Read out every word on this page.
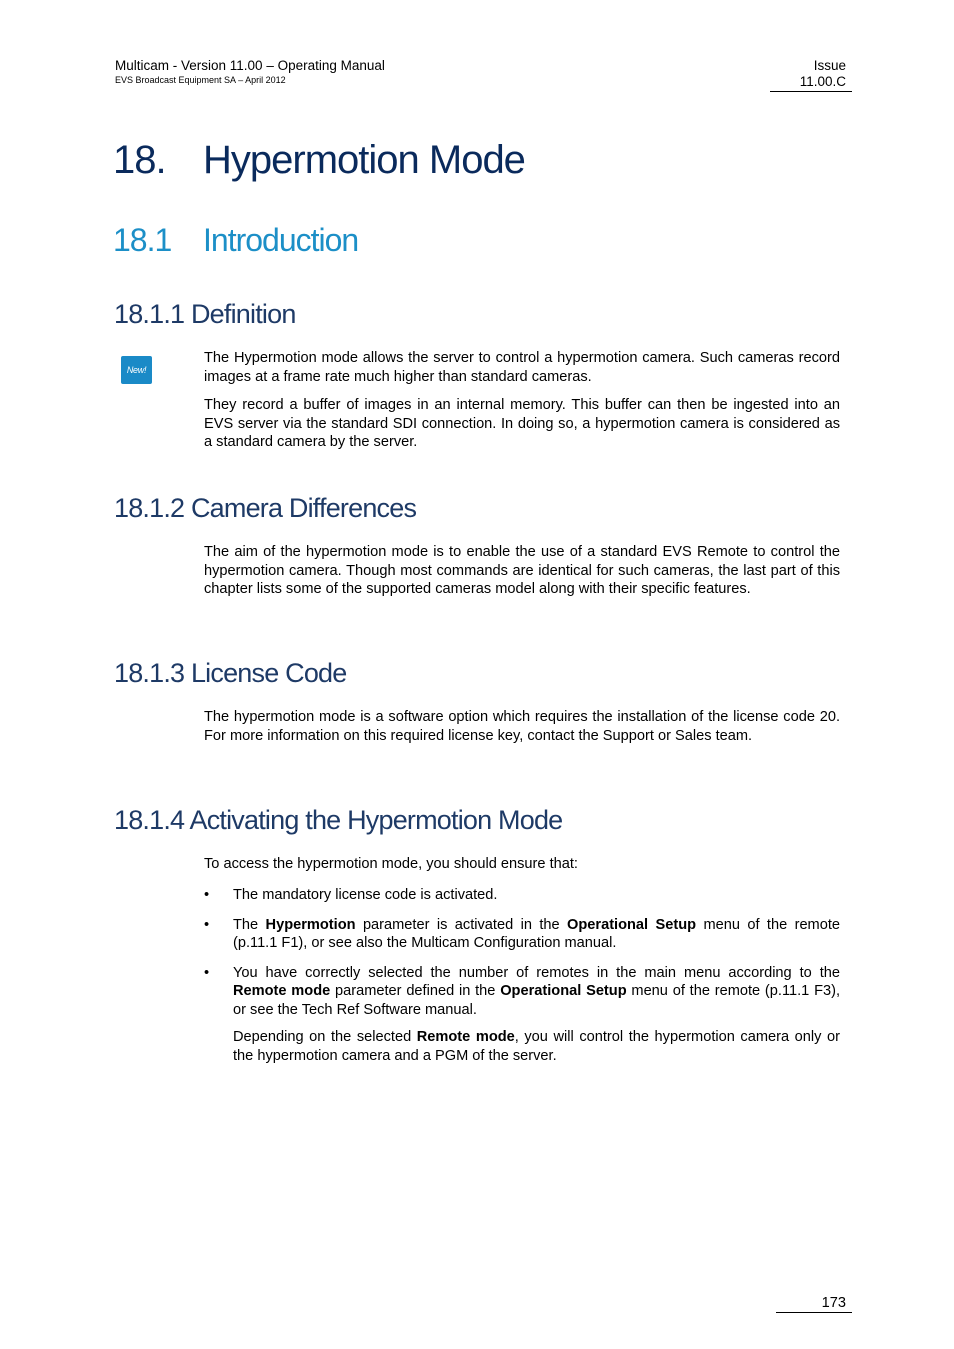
Multicam - Version 11.00 – Operating Manual
EVS Broadcast Equipment SA – April 2012
Issue
11.00.C
18. Hypermotion Mode
18.1 Introduction
18.1.1 Definition
New!
The Hypermotion mode allows the server to control a hypermotion camera. Such cameras record images at a frame rate much higher than standard cameras.
They record a buffer of images in an internal memory. This buffer can then be ingested into an EVS server via the standard SDI connection. In doing so, a hypermotion camera is considered as a standard camera by the server.
18.1.2 Camera Differences
The aim of the hypermotion mode is to enable the use of a standard EVS Remote to control the hypermotion camera. Though most commands are identical for such cameras, the last part of this chapter lists some of the supported cameras model along with their specific features.
18.1.3 License Code
The hypermotion mode is a software option which requires the installation of the license code 20. For more information on this required license key, contact the Support or Sales team.
18.1.4 Activating the Hypermotion Mode
To access the hypermotion mode, you should ensure that:
• The mandatory license code is activated.
• The Hypermotion parameter is activated in the Operational Setup menu of the remote (p.11.1 F1), or see also the Multicam Configuration manual.
• You have correctly selected the number of remotes in the main menu according to the Remote mode parameter defined in the Operational Setup menu of the remote (p.11.1 F3), or see the Tech Ref Software manual.
Depending on the selected Remote mode, you will control the hypermotion camera only or the hypermotion camera and a PGM of the server.
173
